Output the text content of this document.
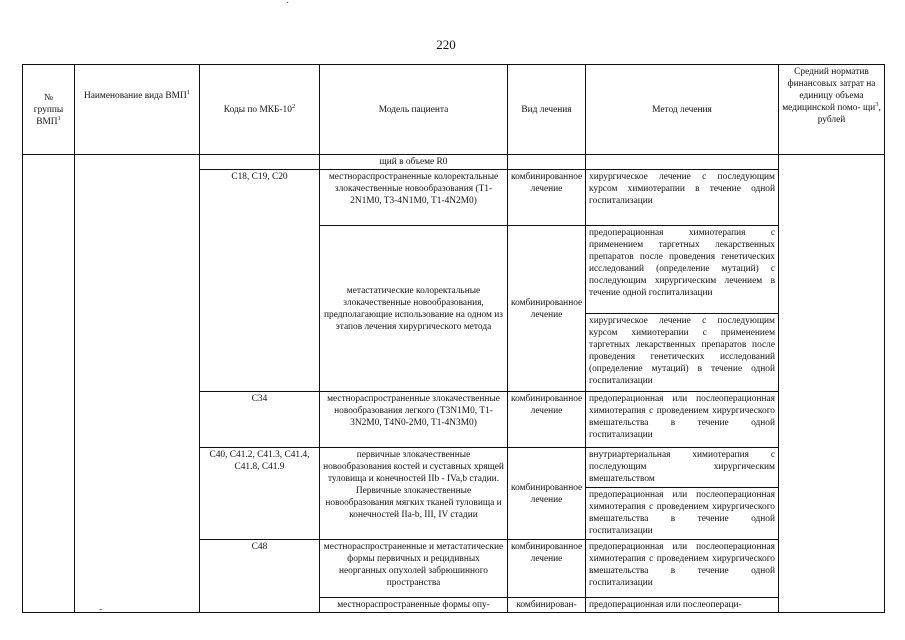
220
·
-
№
группы
ВМП$^1$	Наименование вида ВМП$^1$	Коды по МКБ-$10^2$	Модель пациента	Вид лечения	Метод лечения	Средний норматив финансовых затрат на единицу объема медицинской помо- $щи^3$, рублей
			щий в объеме R0			
		С18, С19, С20	местнораспространенные колоректальные злокачественные новообразования (T1-2N1M0, T3-4N1M0, T1-4N2M0)	комбинированное лечение	хирургическое лечение с последующим курсом химиотерапии в течение одной госпитализации	
			метастатические колоректальные злокачественные новообразования, предполагающие использование на одном из этапов лечения хирургического метода	комбинированное лечение	предоперационная химиотерапия с применением таргетных лекарственных препаратов после проведения генетических исследований (определение мутаций) с последующим хирургическим лечением в течение одной госпитализации	
					хирургическое лечение с последующим курсом химиотерапии с применением таргетных лекарственных препаратов после проведения генетических исследований (определение мутаций) в течение одной госпитализации	
		С34	местнораспространенные злокачественные новообразования легкого (T3N1M0, T1-3N2M0, T4N0-2M0, T1-4N3M0)	комбинированное лечение	предоперационная или послеоперационная химиотерапия с проведением хирургического вмешательства в течение одной госпитализации	
		С40, С41.2, С41.3, С41.4, С41.8, С41.9	первичные злокачественные новообразования костей и суставных хрящей туловища и конечностей IIb - IVa,b стадии. Первичные злокачественные новообразования мягких тканей туловища и конечностей IIa-b, III, IV стадии	комбинированное лечение	внутриартериальная химиотерапия с последующим хирургическим вмешательством	
					предоперационная или послеоперационная химиотерапия с проведением хирургического вмешательства в течение одной госпитализации	
		С48	местнораспространенные и метастатические формы первичных и рецидивных неорганных опухолей забрюшинного пространства	комбинированное лечение	предоперационная или послеоперационная химиотерапия с проведением хирургического вмешательства в течение одной госпитализации	
			местнораспространенные формы опу-	комбинирован-	предоперационная или послеопераци-	
